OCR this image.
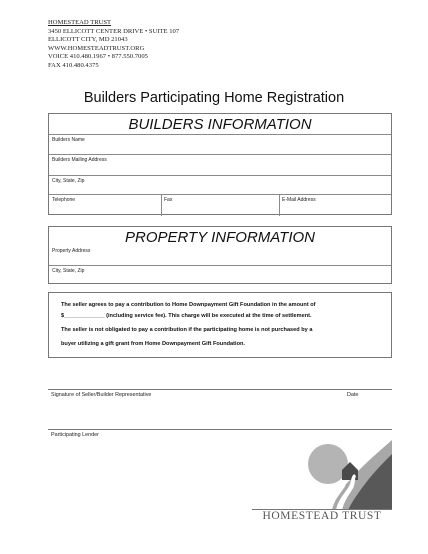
HOMESTEAD TRUST
3450 ELLICOTT CENTER DRIVE • SUITE 107
ELLICOTT CITY, MD 21043
WWW.HOMESTEADTRUST.ORG
VOICE 410.480.1967 • 877.550.7005
FAX 410.480.4375
Builders Participating Home Registration
BUILDERS INFORMATION
Builders Name
Builders Mailing Address
City, State, Zip
Telephone	Fax	E-Mail Address
PROPERTY INFORMATION
Property Address
City, State, Zip

The seller agrees to pay a contribution to Home Downpayment Gift Foundation in the amount of

$_____________ (including service fee). This charge will be executed at the time of settlement.

The seller is not obligated to pay a contribution if the participating home is not purchased by a

buyer utilizing a gift grant from Home Downpayment Gift Foundation.

Signature of Seller/Builder Representative	Date
Participating Lender
HOMESTEAD TRUST
